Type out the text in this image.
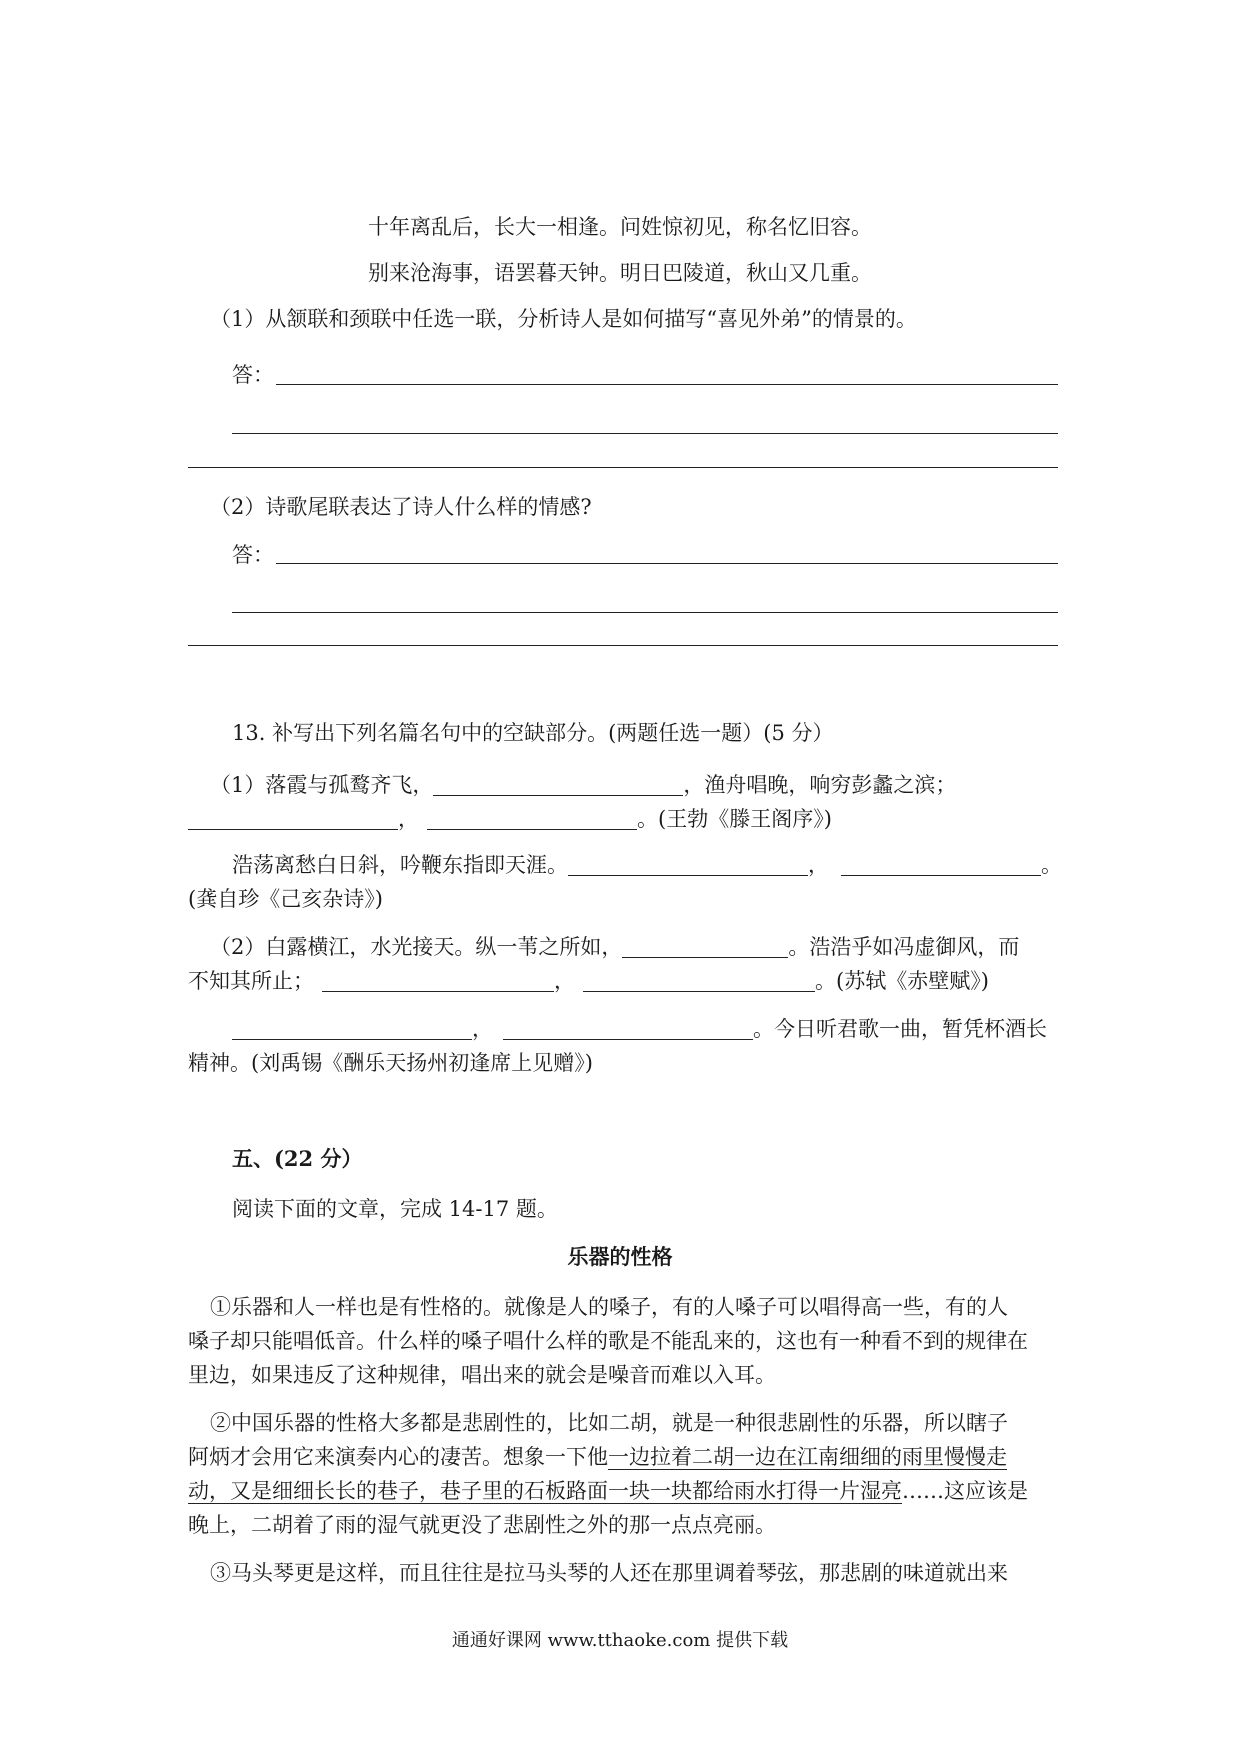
十年离乱后，长大一相逢。问姓惊初见，称名忆旧容。
别来沧海事，语罢暮天钟。明日巴陵道，秋山又几重。
（1）从颔联和颈联中任选一联，分析诗人是如何描写“喜见外弟”的情景的。
答：
（2）诗歌尾联表达了诗人什么样的情感?
答：
13. 补写出下列名篇名句中的空缺部分。(两题任选一题）(5 分）
（1）落霞与孤鹜齐飞，	，渔舟唱晚，响穷彭蠡之滨；
，	。(王勃《滕王阁序》)
浩荡离愁白日斜，吟鞭东指即天涯。	，	。
(龚自珍《己亥杂诗》)
（2）白露横江，水光接天。纵一苇之所如，	。浩浩乎如冯虚御风，而
不知其所止；	，	。(苏轼《赤壁赋》)
，	。今日听君歌一曲，暂凭杯酒长
精神。(刘禹锡《酬乐天扬州初逢席上见赠》)
五、(22 分）
阅读下面的文章，完成 14-17 题。
乐器的性格
①乐器和人一样也是有性格的。就像是人的嗓子，有的人嗓子可以唱得高一些，有的人
嗓子却只能唱低音。什么样的嗓子唱什么样的歌是不能乱来的，这也有一种看不到的规律在
里边，如果违反了这种规律，唱出来的就会是噪音而难以入耳。
②中国乐器的性格大多都是悲剧性的，比如二胡，就是一种很悲剧性的乐器，所以瞎子
阿炳才会用它来演奏内心的凄苦。想象一下他一边拉着二胡一边在江南细细的雨里慢慢走
动，又是细细长长的巷子，巷子里的石板路面一块一块都给雨水打得一片湿亮……这应该是
晚上，二胡着了雨的湿气就更没了悲剧性之外的那一点点亮丽。
③马头琴更是这样，而且往往是拉马头琴的人还在那里调着琴弦，那悲剧的味道就出来
通通好课网 www.tthaoke.com 提供下载
